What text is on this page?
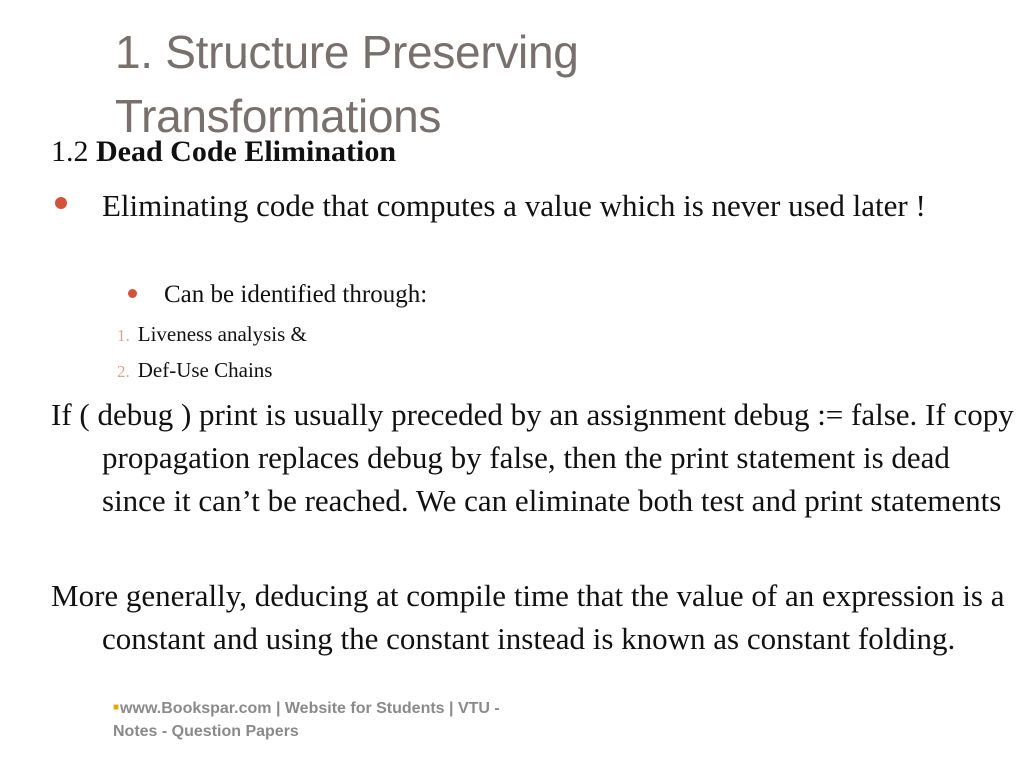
1. Structure Preserving Transformations
1.2 Dead Code Elimination
Eliminating code that computes a value which is never used later !
Can be identified through:
1. Liveness analysis &
2. Def-Use Chains
If ( debug ) print is usually preceded by an assignment debug := false. If copy propagation replaces debug by false, then the print statement is dead since it can’t be reached. We can eliminate both test and print statements
More generally, deducing at compile time that the value of an expression is a constant and using the constant instead is known as constant folding.
■www.Bookspar.com | Website for Students | VTU - Notes - Question Papers
